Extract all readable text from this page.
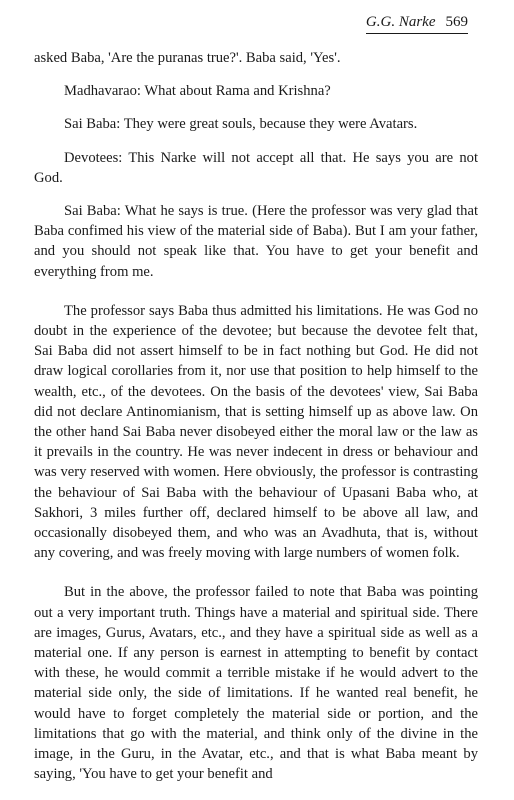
G.G. Narke 569

asked Baba, 'Are the puranas true?'. Baba said, 'Yes'.

Madhavarao: What about Rama and Krishna?

Sai Baba: They were great souls, because they were Avatars.

Devotees: This Narke will not accept all that. He says you are not God.

Sai Baba: What he says is true. (Here the professor was very glad that Baba confimed his view of the material side of Baba). But I am your father, and you should not speak like that. You have to get your benefit and everything from me.

The professor says Baba thus admitted his limitations. He was God no doubt in the experience of the devotee; but because the devotee felt that, Sai Baba did not assert himself to be in fact nothing but God. He did not draw logical corollaries from it, nor use that position to help himself to the wealth, etc., of the devotees. On the basis of the devotees' view, Sai Baba did not declare Antinomianism, that is setting himself up as above law. On the other hand Sai Baba never disobeyed either the moral law or the law as it prevails in the country. He was never indecent in dress or behaviour and was very reserved with women. Here obviously, the professor is contrasting the behaviour of Sai Baba with the behaviour of Upasani Baba who, at Sakhori, 3 miles further off, declared himself to be above all law, and occasionally disobeyed them, and who was an Avadhuta, that is, without any covering, and was freely moving with large numbers of women folk.

But in the above, the professor failed to note that Baba was pointing out a very important truth. Things have a material and spiritual side. There are images, Gurus, Avatars, etc., and they have a spiritual side as well as a material one. If any person is earnest in attempting to benefit by contact with these, he would commit a terrible mistake if he would advert to the material side only, the side of limitations. If he wanted real benefit, he would have to forget completely the material side or portion, and the limitations that go with the material, and think only of the divine in the image, in the Guru, in the Avatar, etc., and that is what Baba meant by saying, 'You have to get your benefit and
